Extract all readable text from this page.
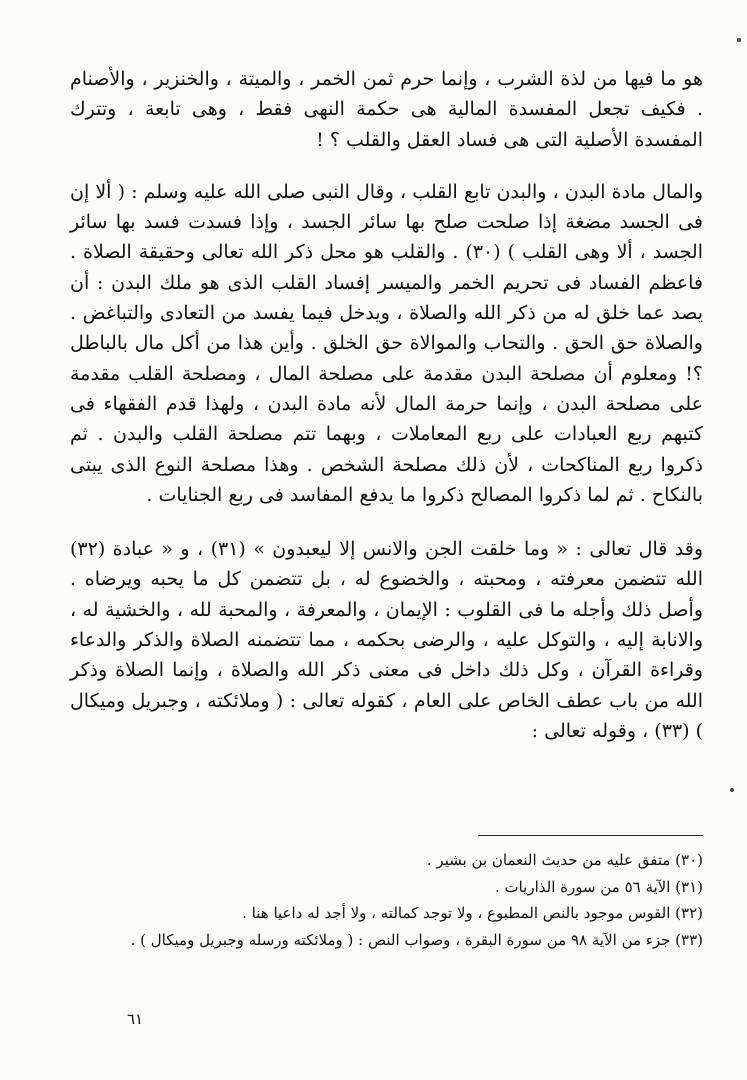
هو ما فيها من لذة الشرب ، وإنما حرم ثمن الخمر ، والميتة ، والخنزير ، والأصنام . فكيف تجعل المفسدة المالية هى حكمة النهى فقط ، وهى تابعة ، وتترك المفسدة الأصلية التى هى فساد العقل والقلب ؟ !

والمال مادة البدن ، والبدن تابع القلب ، وقال النبى صلى الله عليه وسلم : ( ألا إن فى الجسد مضغة إذا صلحت صلح بها سائر الجسد ، وإذا فسدت فسد بها سائر الجسد ، ألا وهى القلب ) (٣٠) . والقلب هو محل ذكر الله تعالى وحقيقة الصلاة . فاعظم الفساد فى تحريم الخمر والميسر إفساد القلب الذى هو ملك البدن : أن يصد عما خلق له من ذكر الله والصلاة ، ويدخل فيما يفسد من التعادى والتباغض . والصلاة حق الحق . والتحاب والموالاة حق الخلق . وأين هذا من أكل مال بالباطل ؟! ومعلوم أن مصلحة البدن مقدمة على مصلحة المال ، ومصلحة القلب مقدمة على مصلحة البدن ، وإنما حرمة المال لأنه مادة البدن ، ولهذا قدم الفقهاء فى كتبهم ربع العبادات على ربع المعاملات ، وبهما تتم مصلحة القلب والبدن . ثم ذكروا ربع المناكحات ، لأن ذلك مصلحة الشخص . وهذا مصلحة النوع الذى يبتى بالنكاح . ثم لما ذكروا المصالح ذكروا ما يدفع المفاسد فى ربع الجنايات .

وقد قال تعالى : « وما خلقت الجن والانس إلا ليعبدون » (٣١) ، و « عبادة (٣٢) الله تتضمن معرفته ، ومحبته ، والخضوع له ، بل تتضمن كل ما يحبه ويرضاه . وأصل ذلك وأجله ما فى القلوب : الإيمان ، والمعرفة ، والمحبة لله ، والخشية له ، والانابة إليه ، والتوكل عليه ، والرضى بحكمه ، مما تتضمنه الصلاة والذكر والدعاء وقراءة القرآن ، وكل ذلك داخل فى معنى ذكر الله والصلاة ، وإنما الصلاة وذكر الله من باب عطف الخاص على العام ، كقوله تعالى : ( وملائكته ، وجبريل وميكال ) (٣٣) ، وقوله تعالى :

(٣٠) متفق عليه من حديث النعمان بن بشير .

(٣١) الآية ٥٦ من سورة الذاريات .

(٣٢) القوس موجود بالنص المطبوع ، ولا توجد كمالته ، ولا أجد له داعيا هنا .

(٣٣) جزء من الآية ٩٨ من سورة البقرة ، وصواب النص : ( وملائكته ورسله وجبريل وميكال ) .

٦١
